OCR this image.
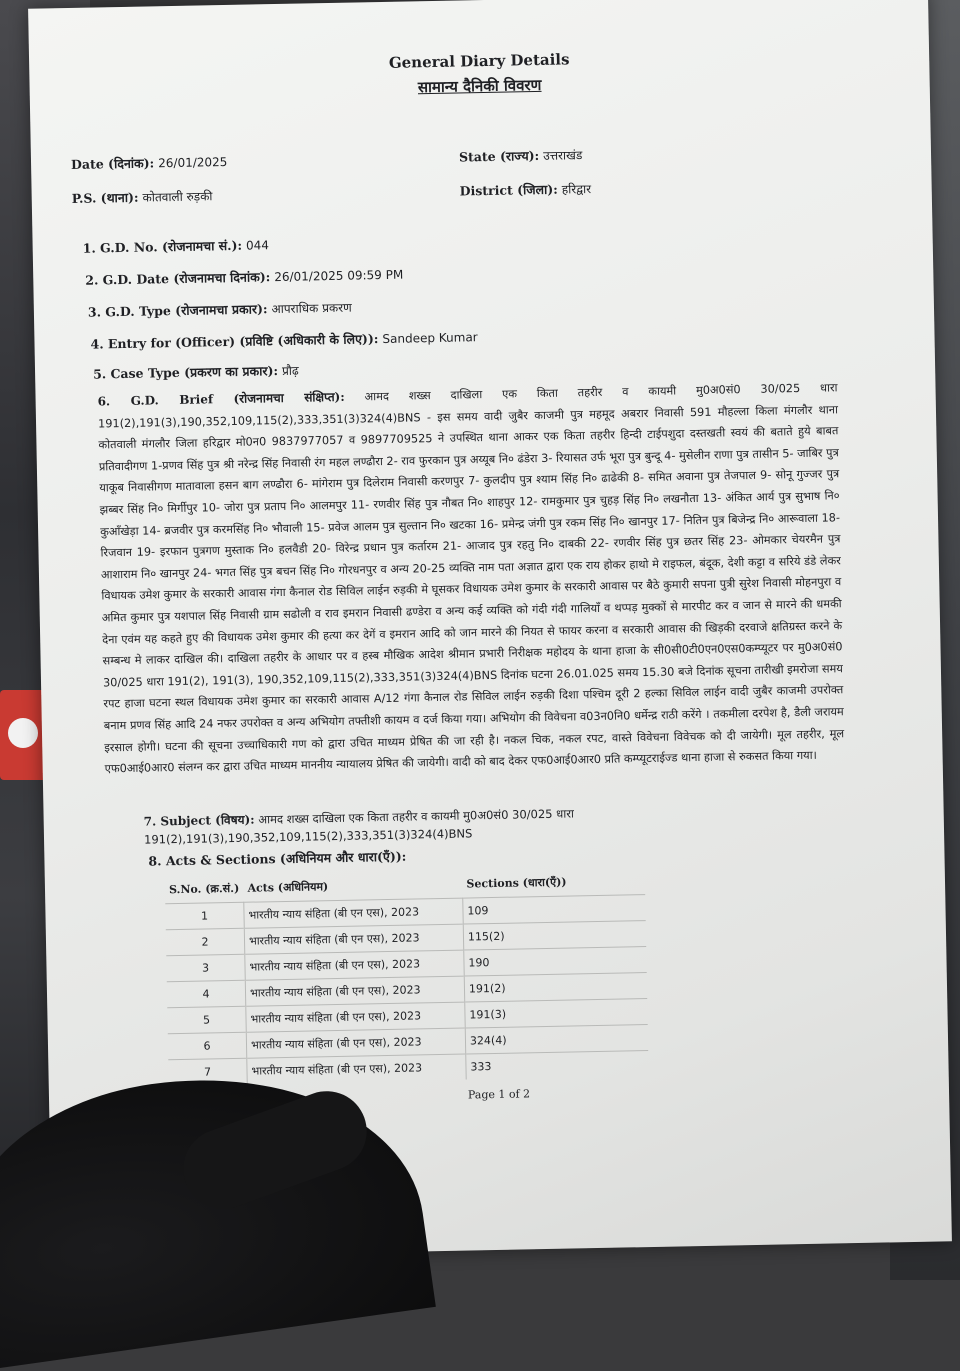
General Diary Details
सामान्य दैनिकी विवरण
Date (दिनांक): 26/01/2025	State (राज्य): उत्तराखंड
P.S. (थाना): कोतवाली रुड़की	District (जिला): हरिद्वार
1. G.D. No. (रोजनामचा सं.): 044
2. G.D. Date (रोजनामचा दिनांक): 26/01/2025 09:59 PM
3. G.D. Type (रोजनामचा प्रकार): आपराधिक प्रकरण
4. Entry for (Officer) (प्रविष्टि (अधिकारी के लिए)): Sandeep Kumar
5. Case Type (प्रकरण का प्रकार): प्रौढ़
6. G.D. Brief (रोजनामचा संक्षिप्त): आमद शख्स दाखिला एक किता तहरीर व कायमी मु0अ0सं0 30/025 धारा 191(2),191(3),190,352,109,115(2),333,351(3)324(4)BNS - इस समय वादी जुबैर काजमी पुत्र महमूद अबरार निवासी 591 मौहल्ला किला मंगलौर थाना कोतवाली मंगलौर जिला हरिद्वार मो0न0 9837977057 व 9897709525 ने उपस्थित थाना आकर एक किता तहरीर हिन्दी टाईपशुदा दस्तखती स्वयं की बताते हुये बाबत प्रतिवादीगण 1-प्रणव सिंह पुत्र श्री नरेन्द्र सिंह निवासी रंग महल लण्ढौरा 2- राव फुरकान पुत्र अय्यूब नि० ढंडेरा 3- रियासत उर्फ भूरा पुत्र बुन्दू 4- मुसेलीन राणा पुत्र तासीन 5- जाबिर पुत्र याकूब निवासीगण मातावाला हसन बाग लण्ढौरा 6- मांगेराम पुत्र दिलेराम निवासी करणपुर 7- कुलदीप पुत्र श्याम सिंह नि० ढाढेकी 8- समित अवाना पुत्र तेजपाल 9- सोनू गुज्जर पुत्र झब्बर सिंह नि० मिर्गीपुर 10- जोरा पुत्र प्रताप नि० आलमपुर 11- रणवीर सिंह पुत्र नौबत नि० शाहपुर 12- रामकुमार पुत्र चुहड़ सिंह नि० लखनौता 13- अंकित आर्य पुत्र सुभाष नि० कुआँखेड़ा 14- ब्रजवीर पुत्र करमसिंह नि० भौवाली 15- प्रवेज आलम पुत्र सुल्तान नि० खटका 16- प्रमेन्द्र जंगी पुत्र रकम सिंह नि० खानपुर 17- नितिन पुत्र बिजेन्द्र नि० आरूवाला 18- रिजवान 19- इरफान पुत्रगण मुस्ताक नि० हलवैडी 20- विरेन्द्र प्रधान पुत्र कर्तारम 21- आजाद पुत्र रहतु नि० दाबकी 22- रणवीर सिंह पुत्र छतर सिंह 23- ओमकार चेयरमैन पुत्र आशाराम नि० खानपुर 24- भगत सिंह पुत्र बचन सिंह नि० गोरधनपुर व अन्य 20-25 व्यक्ति नाम पता अज्ञात द्वारा एक राय होकर हाथो मे राइफल, बंदूक, देशी कट्टा व सरिये डंडे लेकर विधायक उमेश कुमार के सरकारी आवास गंगा कैनाल रोड सिविल लाईन रुड़की मे घूसकर विधायक उमेश कुमार के सरकारी आवास पर बैठे कुमारी सपना पुत्री सुरेश निवासी मोहनपुरा व अमित कुमार पुत्र यशपाल सिंह निवासी ग्राम सढोली व राव इमरान निवासी ढण्डेरा व अन्य कई व्यक्ति को गंदी गंदी गालियाँ व थप्पड़ मुक्कों से मारपीट कर व जान से मारने की धमकी देना एवंम यह कहते हुए की विधायक उमेश कुमार की हत्या कर देगें व इमरान आदि को जान मारने की नियत से फायर करना व सरकारी आवास की खिड़की दरवाजे क्षतिग्रस्त करने के सम्बन्ध मे लाकर दाखिल की। दाखिला तहरीर के आधार पर व हस्ब मौखिक आदेश श्रीमान प्रभारी निरीक्षक महोदय के थाना हाजा के सी0सी0टी0एन0एस0कम्प्यूटर पर मु0अ0सं0 30/025 धारा 191(2), 191(3), 190,352,109,115(2),333,351(3)324(4)BNS दिनांक घटना 26.01.025 समय 15.30 बजे दिनांक सूचना तारीखी इमरोजा समय रपट हाजा घटना स्थल विधायक उमेश कुमार का सरकारी आवास A/12 गंगा कैनाल रोड सिविल लाईन रुड़की दिशा पश्चिम दूरी 2 हल्का सिविल लाईन वादी जुबैर काजमी उपरोक्त बनाम प्रणव सिंह आदि 24 नफर उपरोक्त व अन्य अभियोग तफ्तीशी कायम व दर्ज किया गया। अभियोग की विवेचना व03न0नि0 धर्मेन्द्र राठी करेंगे । तकमीला दरपेश है, डैली जरायम इरसाल होगी। घटना की सूचना उच्चाधिकारी गण को द्वारा उचित माध्यम प्रेषित की जा रही है। नकल चिक, नकल रपट, वास्ते विवेचना विवेचक को दी जायेगी। मूल तहरीर, मूल एफ0आई0आर0 संलग्न कर द्वारा उचित माध्यम माननीय न्यायालय प्रेषित की जायेगी। वादी को बाद देकर एफ0आई0आर0 प्रति कम्प्यूटराईज्ड थाना हाजा से रुकसत किया गया।
7. Subject (विषय): आमद शख्स दाखिला एक किता तहरीर व कायमी मु0अ0सं0 30/025 धारा 191(2),191(3),190,352,109,115(2),333,351(3)324(4)BNS
8. Acts & Sections (अधिनियम और धारा(एँ)):
S.No. (क्र.सं.)	Acts (अधिनियम)	Sections (धारा(एँ))
1	भारतीय न्याय संहिता (बी एन एस), 2023	109
2	भारतीय न्याय संहिता (बी एन एस), 2023	115(2)
3	भारतीय न्याय संहिता (बी एन एस), 2023	190
4	भारतीय न्याय संहिता (बी एन एस), 2023	191(2)
5	भारतीय न्याय संहिता (बी एन एस), 2023	191(3)
6	भारतीय न्याय संहिता (बी एन एस), 2023	324(4)
7	भारतीय न्याय संहिता (बी एन एस), 2023	333
Page 1 of 2
